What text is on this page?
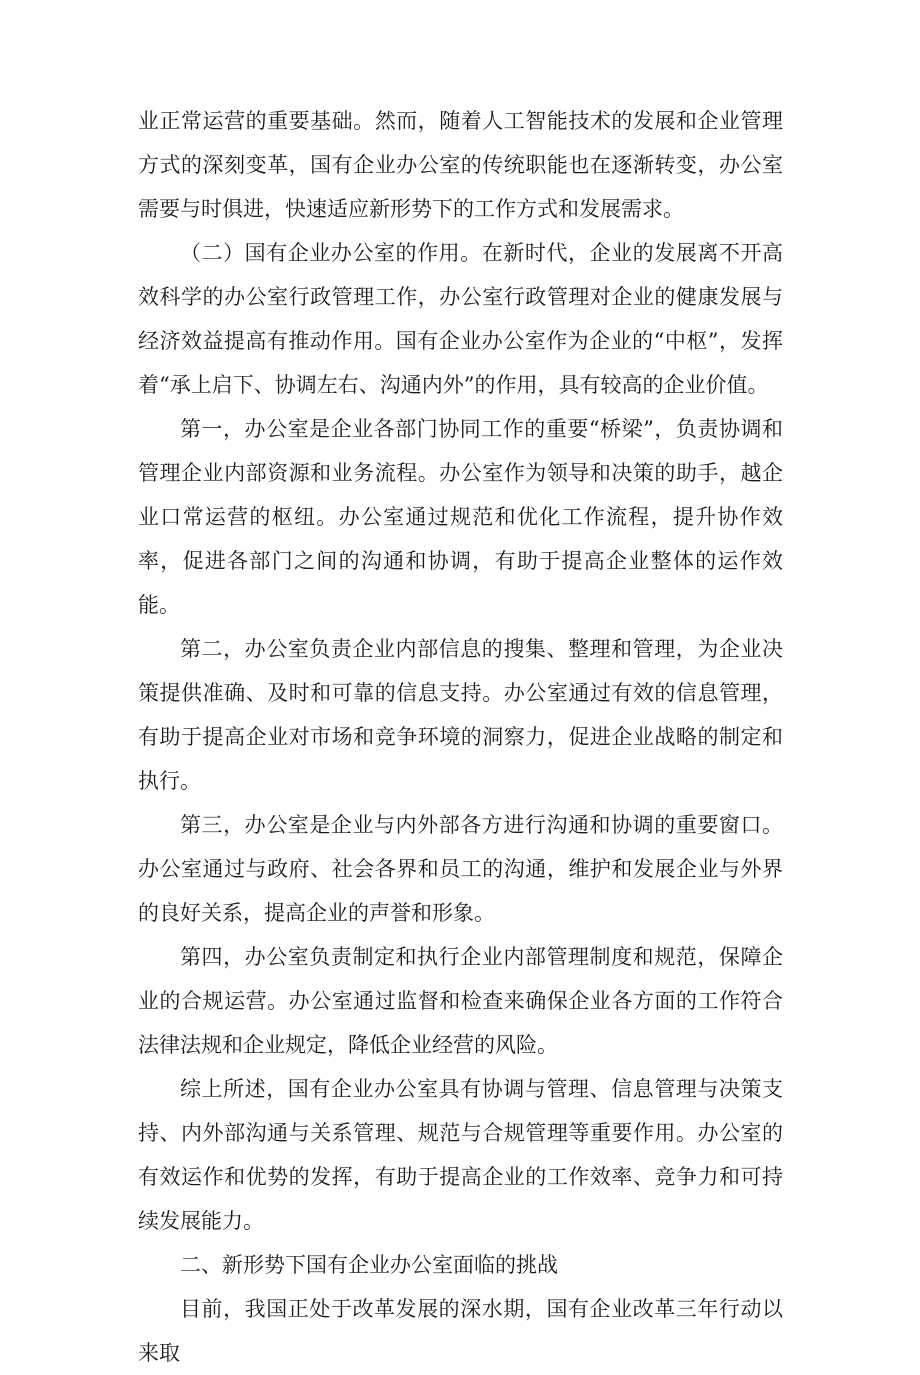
业正常运营的重要基础。然而，随着人工智能技术的发展和企业管理方式的深刻变革，国有企业办公室的传统职能也在逐渐转变，办公室需要与时俱进，快速适应新形势下的工作方式和发展需求。

（二）国有企业办公室的作用。在新时代，企业的发展离不开高效科学的办公室行政管理工作，办公室行政管理对企业的健康发展与经济效益提高有推动作用。国有企业办公室作为企业的“中枢”，发挥着“承上启下、协调左右、沟通内外”的作用，具有较高的企业价值。

第一，办公室是企业各部门协同工作的重要“桥梁”，负责协调和管理企业内部资源和业务流程。办公室作为领导和决策的助手，越企业口常运营的枢纽。办公室通过规范和优化工作流程，提升协作效率，促进各部门之间的沟通和协调，有助于提高企业整体的运作效能。

第二，办公室负责企业内部信息的搜集、整理和管理，为企业决策提供准确、及时和可靠的信息支持。办公室通过有效的信息管理，有助于提高企业对市场和竞争环境的洞察力，促进企业战略的制定和执行。

第三，办公室是企业与内外部各方进行沟通和协调的重要窗口。办公室通过与政府、社会各界和员工的沟通，维护和发展企业与外界的良好关系，提高企业的声誉和形象。

第四，办公室负责制定和执行企业内部管理制度和规范，保障企业的合规运营。办公室通过监督和检查来确保企业各方面的工作符合法律法规和企业规定，降低企业经营的风险。

综上所述，国有企业办公室具有协调与管理、信息管理与决策支持、内外部沟通与关系管理、规范与合规管理等重要作用。办公室的有效运作和优势的发挥，有助于提高企业的工作效率、竞争力和可持续发展能力。

二、新形势下国有企业办公室面临的挑战

目前，我国正处于改革发展的深水期，国有企业改革三年行动以来取
